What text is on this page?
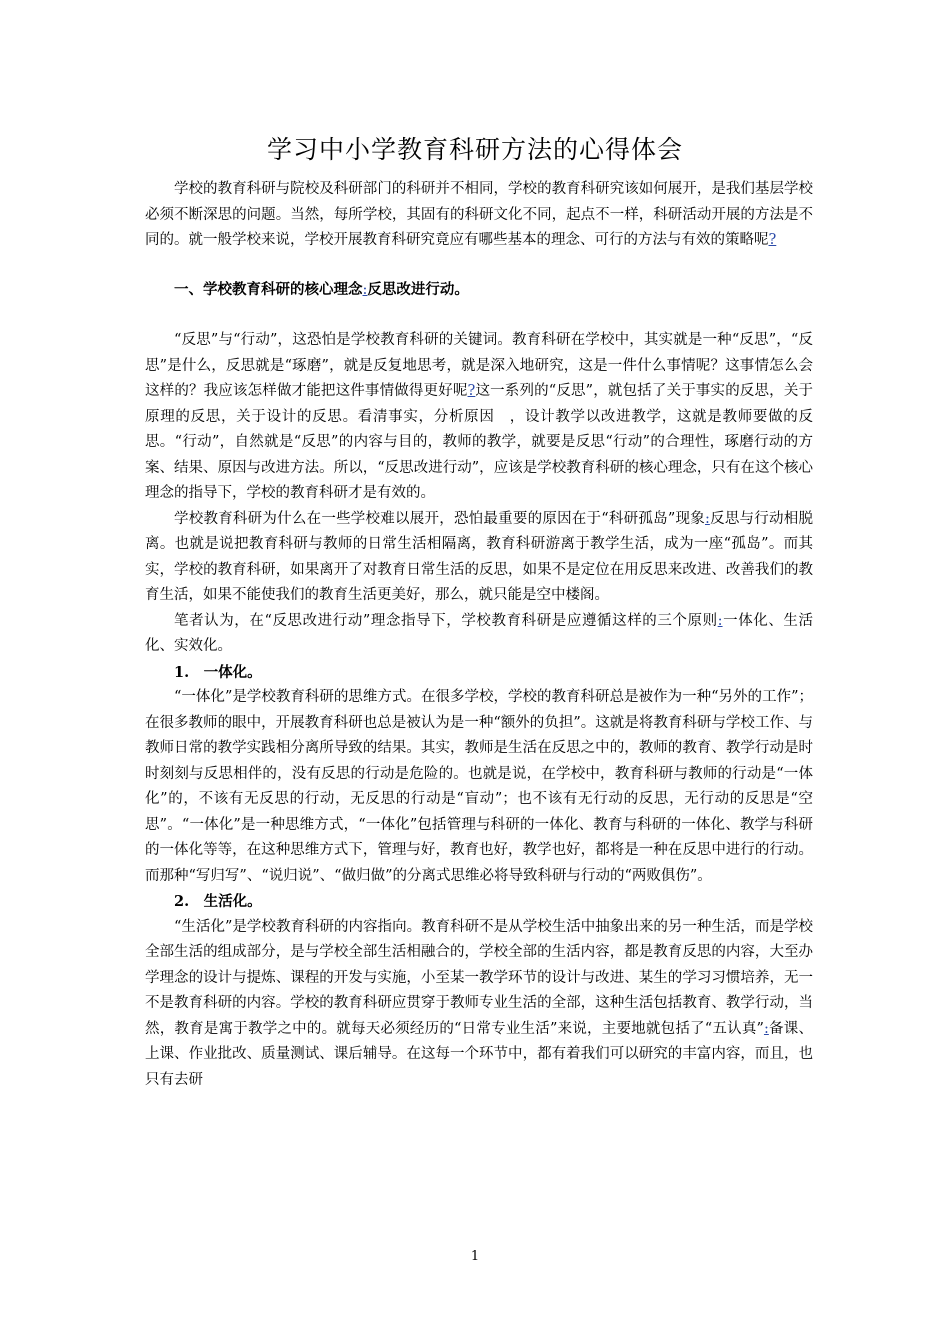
学习中小学教育科研方法的心得体会

学校的教育科研与院校及科研部门的科研并不相同，学校的教育科研究该如何展开，是我们基层学校必须不断深思的问题。当然，每所学校，其固有的科研文化不同，起点不一样，科研活动开展的方法是不同的。就一般学校来说，学校开展教育科研究竟应有哪些基本的理念、可行的方法与有效的策略呢?

一、学校教育科研的核心理念:反思改进行动。

“反思”与“行动”，这恐怕是学校教育科研的关键词。教育科研在学校中，其实就是一种“反思”，“反思”是什么，反思就是“琢磨”，就是反复地思考，就是深入地研究，这是一件什么事情呢？这事情怎么会这样的？我应该怎样做才能把这件事情做得更好呢?这一系列的“反思”，就包括了关于事实的反思，关于原理的反思，关于设计的反思。看清事实，分析原因　，设计教学以改进教学，这就是教师要做的反思。“行动”，自然就是“反思”的内容与目的，教师的教学，就要是反思“行动”的合理性，琢磨行动的方案、结果、原因与改进方法。所以，“反思改进行动”，应该是学校教育科研的核心理念，只有在这个核心理念的指导下，学校的教育科研才是有效的。

学校教育科研为什么在一些学校难以展开，恐怕最重要的原因在于“科研孤岛”现象:反思与行动相脱离。也就是说把教育科研与教师的日常生活相隔离，教育科研游离于教学生活，成为一座“孤岛”。而其实，学校的教育科研，如果离开了对教育日常生活的反思，如果不是定位在用反思来改进、改善我们的教育生活，如果不能使我们的教育生活更美好，那么，就只能是空中楼阁。

笔者认为，在“反思改进行动”理念指导下，学校教育科研是应遵循这样的三个原则:一体化、生活化、实效化。

1.　一体化。

“一体化”是学校教育科研的思维方式。在很多学校，学校的教育科研总是被作为一种“另外的工作”；在很多教师的眼中，开展教育科研也总是被认为是一种“额外的负担”。这就是将教育科研与学校工作、与教师日常的教学实践相分离所导致的结果。其实，教师是生活在反思之中的，教师的教育、教学行动是时时刻刻与反思相伴的，没有反思的行动是危险的。也就是说，在学校中，教育科研与教师的行动是“一体化”的，不该有无反思的行动，无反思的行动是“盲动”；也不该有无行动的反思，无行动的反思是“空思”。“一体化”是一种思维方式，“一体化”包括管理与科研的一体化、教育与科研的一体化、教学与科研的一体化等等，在这种思维方式下，管理与好，教育也好，教学也好，都将是一种在反思中进行的行动。而那种“写归写”、“说归说”、“做归做”的分离式思维必将导致科研与行动的“两败俱伤”。

2.　生活化。

“生活化”是学校教育科研的内容指向。教育科研不是从学校生活中抽象出来的另一种生活，而是学校全部生活的组成部分，是与学校全部生活相融合的，学校全部的生活内容，都是教育反思的内容，大至办学理念的设计与提炼、课程的开发与实施，小至某一教学环节的设计与改进、某生的学习习惯培养，无一不是教育科研的内容。学校的教育科研应贯穿于教师专业生活的全部，这种生活包括教育、教学行动，当然，教育是寓于教学之中的。就每天必须经历的“日常专业生活”来说，主要地就包括了“五认真”:备课、上课、作业批改、质量测试、课后辅导。在这每一个环节中，都有着我们可以研究的丰富内容，而且，也只有去研

1
